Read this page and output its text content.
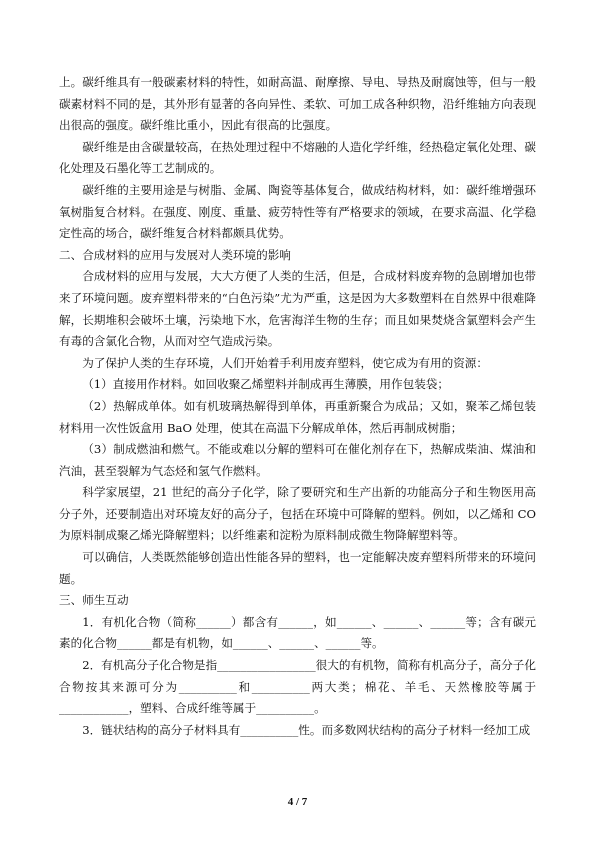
上。碳纤维具有一般碳素材料的特性，如耐高温、耐摩擦、导电、导热及耐腐蚀等，但与一般碳素材料不同的是，其外形有显著的各向异性、柔软、可加工成各种织物，沿纤维轴方向表现出很高的强度。碳纤维比重小，因此有很高的比强度。

碳纤维是由含碳量较高，在热处理过程中不熔融的人造化学纤维，经热稳定氧化处理、碳化处理及石墨化等工艺制成的。

碳纤维的主要用途是与树脂、金属、陶瓷等基体复合，做成结构材料，如：碳纤维增强环氧树脂复合材料。在强度、刚度、重量、疲劳特性等有严格要求的领域，在要求高温、化学稳定性高的场合，碳纤维复合材料都颇具优势。

二、合成材料的应用与发展对人类环境的影响

合成材料的应用与发展，大大方便了人类的生活，但是，合成材料废弃物的急剧增加也带来了环境问题。废弃塑料带来的“白色污染”尤为严重，这是因为大多数塑料在自然界中很难降解，长期堆积会破坏土壤，污染地下水，危害海洋生物的生存；而且如果焚烧含氯塑料会产生有毒的含氯化合物，从而对空气造成污染。

为了保护人类的生存环境，人们开始着手利用废弃塑料，使它成为有用的资源：

（1）直接用作材料。如回收聚乙烯塑料并制成再生薄膜，用作包装袋；

（2）热解成单体。如有机玻璃热解得到单体，再重新聚合为成品；又如，聚苯乙烯包装材料用一次性饭盒用 BaO 处理，使其在高温下分解成单体，然后再制成树脂；

（3）制成燃油和燃气。不能或难以分解的塑料可在催化剂存在下，热解成柴油、煤油和汽油，甚至裂解为气态烃和氢气作燃料。

科学家展望，21 世纪的高分子化学，除了要研究和生产出新的功能高分子和生物医用高分子外，还要制造出对环境友好的高分子，包括在环境中可降解的塑料。例如，以乙烯和 CO 为原料制成聚乙烯光降解塑料；以纤维素和淀粉为原料制成微生物降解塑料等。

可以确信，人类既然能够创造出性能各异的塑料，也一定能解决废弃塑料所带来的环境问题。

三、师生互动

1．有机化合物（简称______）都含有______，如______、______、______等；含有碳元素的化合物______都是有机物，如______、______、______等。

2．有机高分子化合物是指_________________很大的有机物，简称有机高分子，高分子化合物按其来源可分为__________和__________两大类；棉花、羊毛、天然橡胶等属于____________，塑料、合成纤维等属于__________。

3．链状结构的高分子材料具有__________性。而多数网状结构的高分子材料一经加工成

4 / 7
